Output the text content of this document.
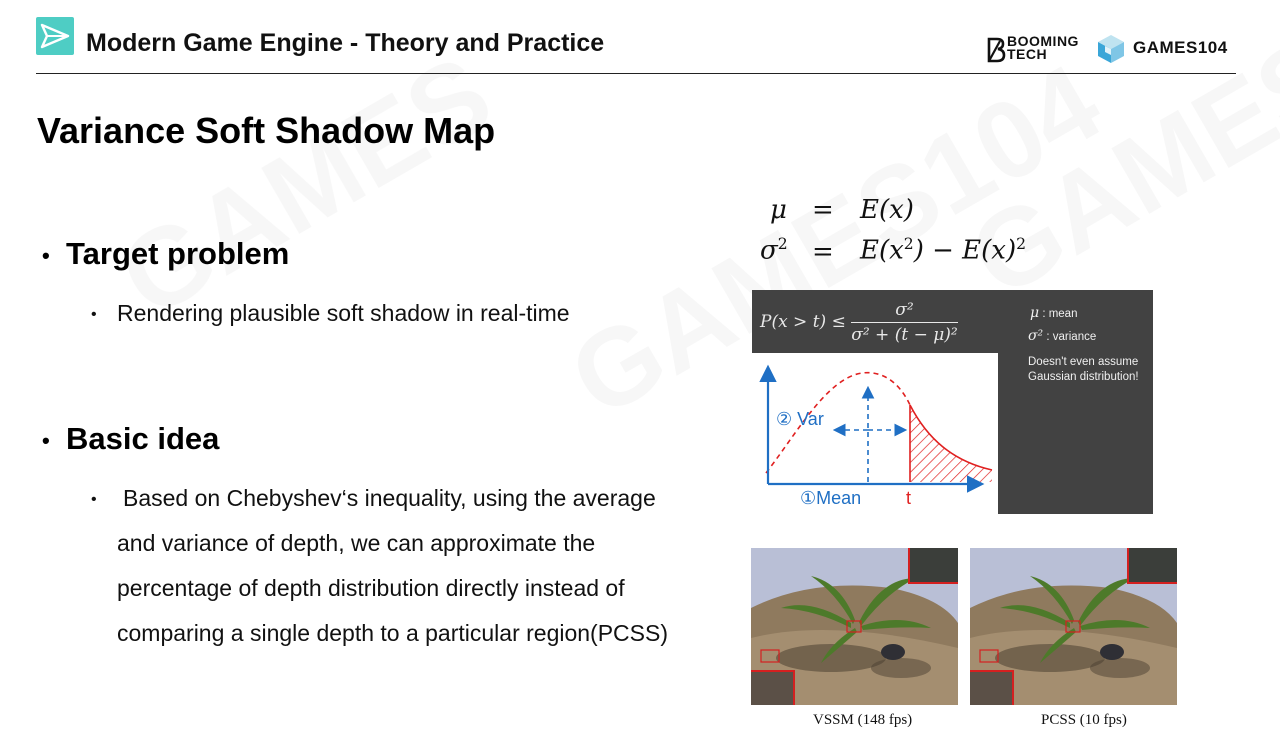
Modern Game Engine - Theory and Practice	BOOMING
TECH	GAMES104
Variance Soft Shadow Map
• Target problem
• Rendering plausible soft shadow in real-time
• Basic idea
• Based on Chebyshev‘s inequality, using the average
and variance of depth, we can approximate the
percentage of depth distribution directly instead of
comparing a single depth to a particular region(PCSS)
μ = E(x)
$\sigma^2 = E(x^2) - E(x)^2$
$P(x > t) \le \frac{\text{σ²}}{\text{σ² + (t − μ)²}}$	μ : mean
σ² : variance
Doesn't even assume
Gaussian distribution!
② Var
①Mean t
VSSM (148 fps)	PCSS (10 fps)
